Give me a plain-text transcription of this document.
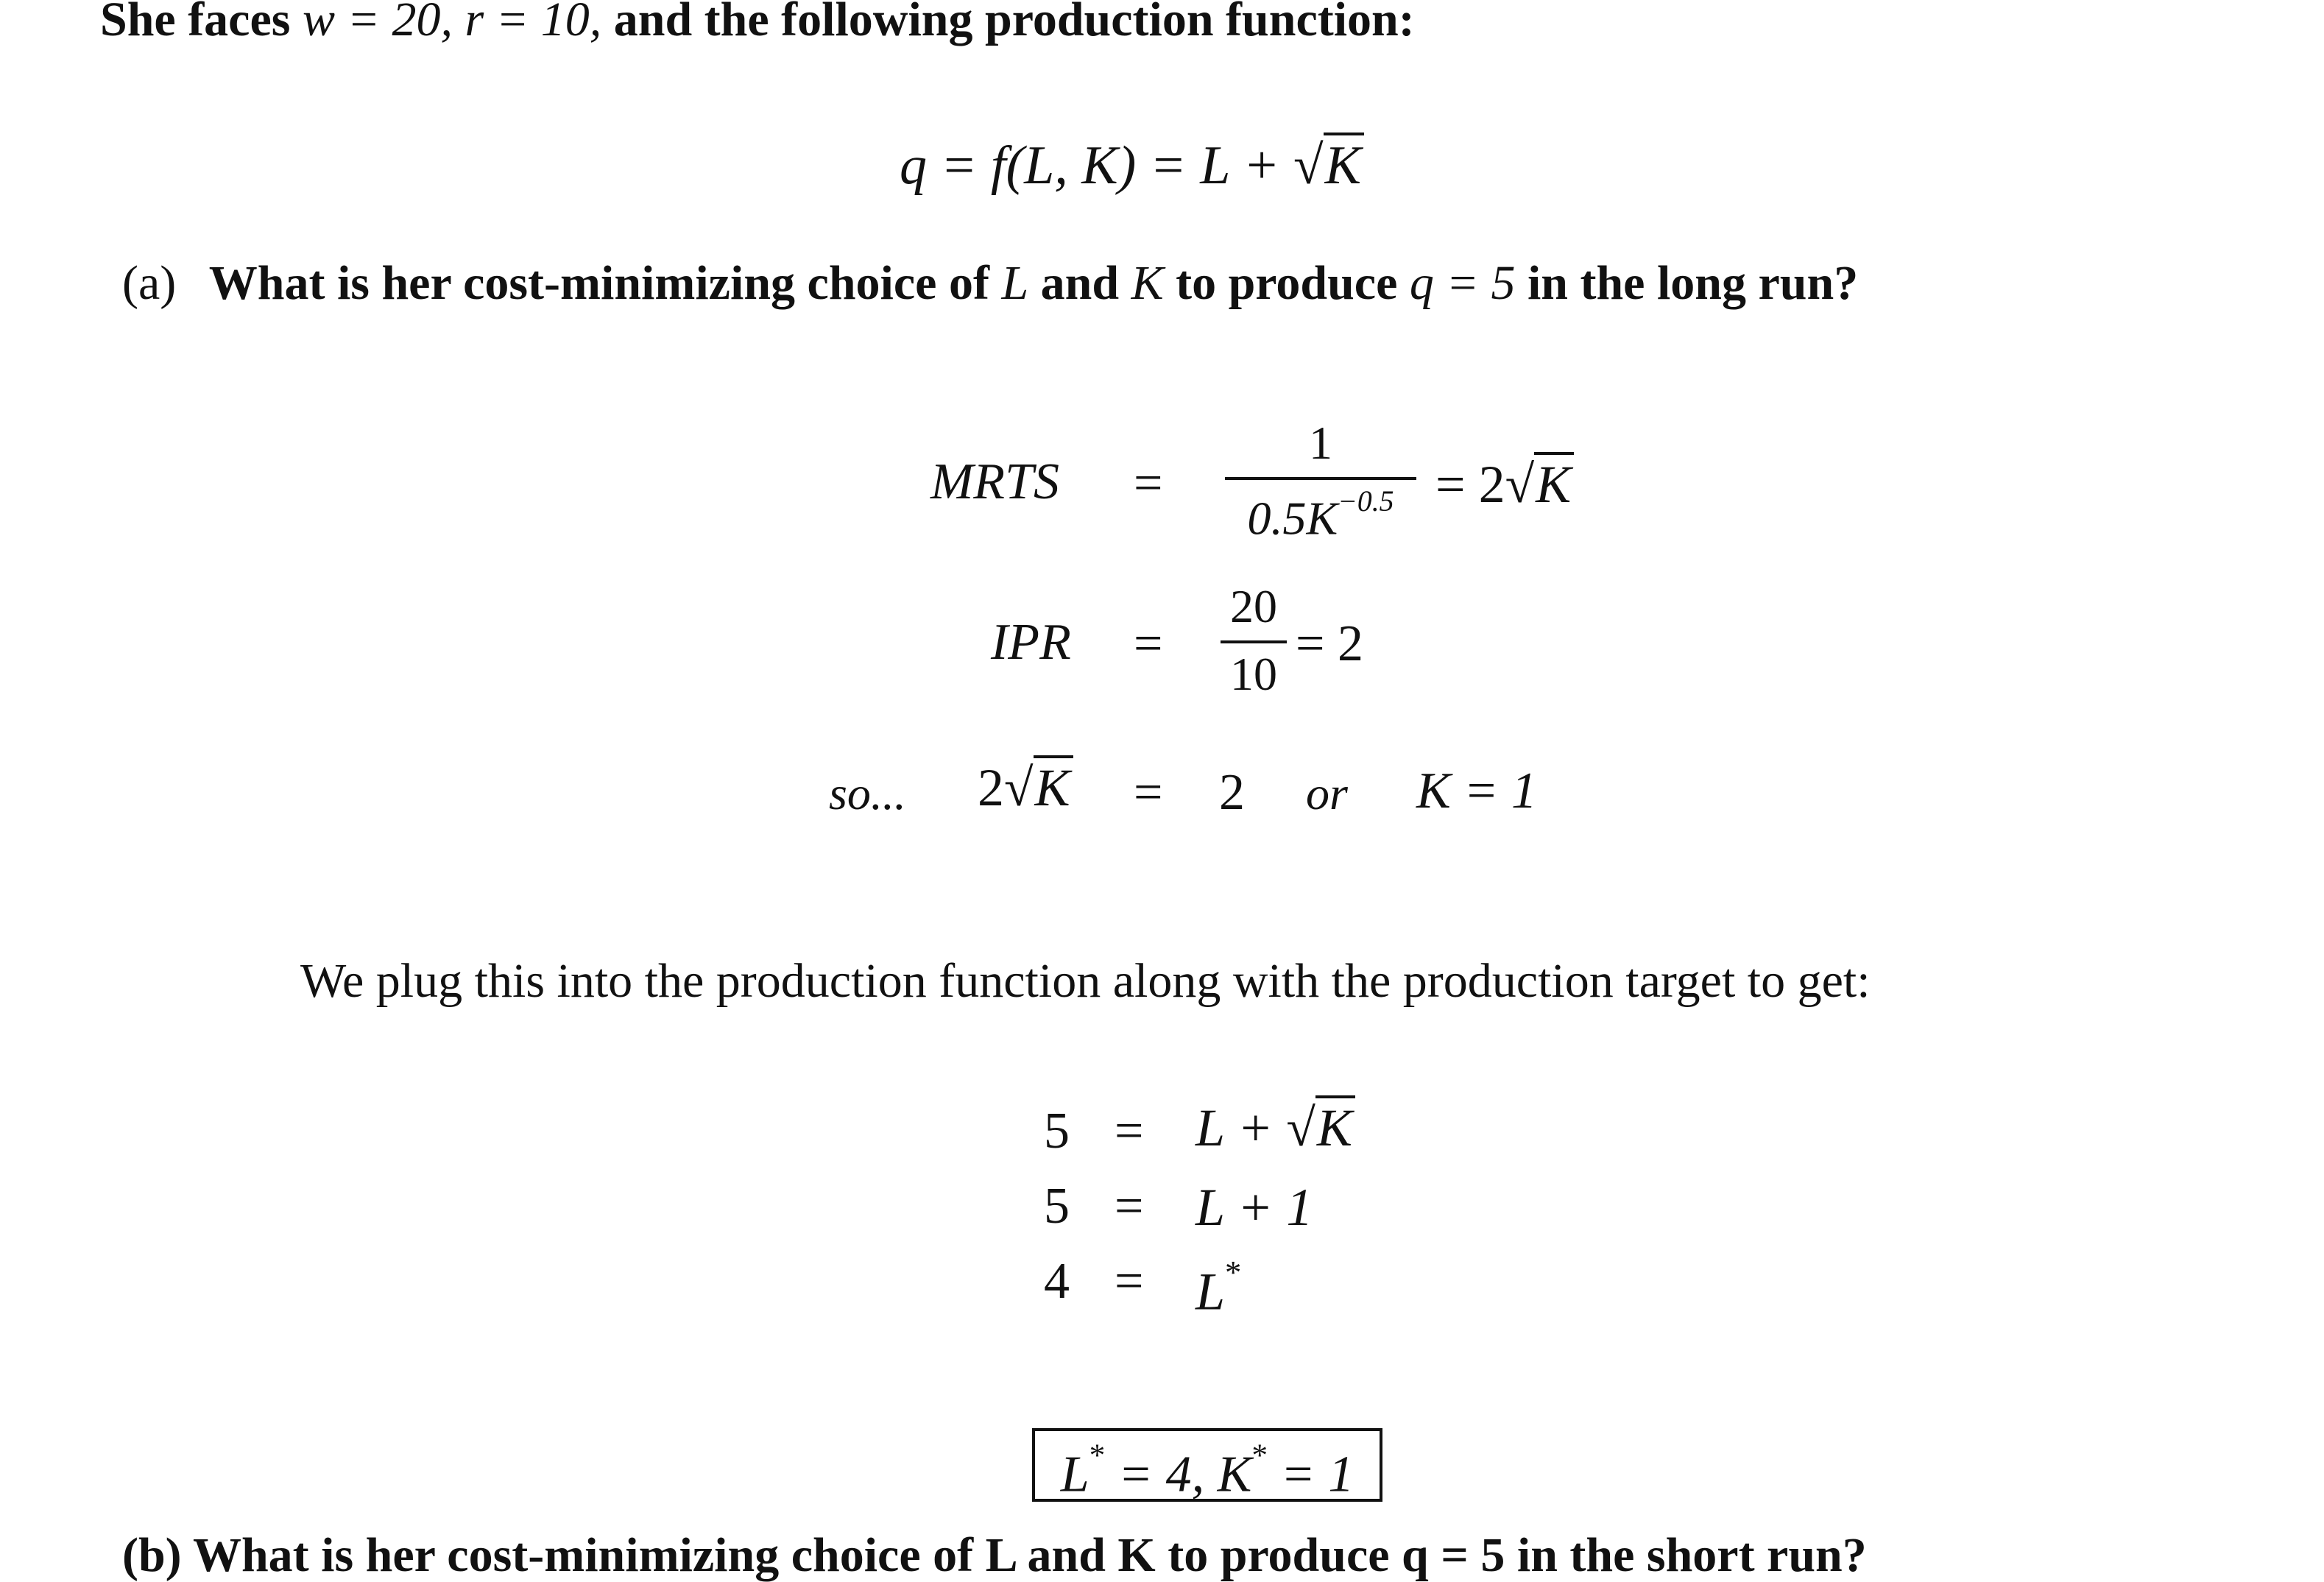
She faces w = 20, r = 10, and the following production function:
q = f(L, K) = L + √K
(a) What is her cost-minimizing choice of L and K to produce q = 5 in the long run?
MRTS =
1
$0.5K^{-0.5} = 2√K$
IPR =
20
10
= 2
so... 2√K = 2 or K = 1
We plug this into the production function along with the production target to get:
5 = L + √K
5 = L + 1
4 = L*
L* = 4, K* = 1
(b) What is her cost-minimizing choice of L and K to produce q = 5 in the short run?
